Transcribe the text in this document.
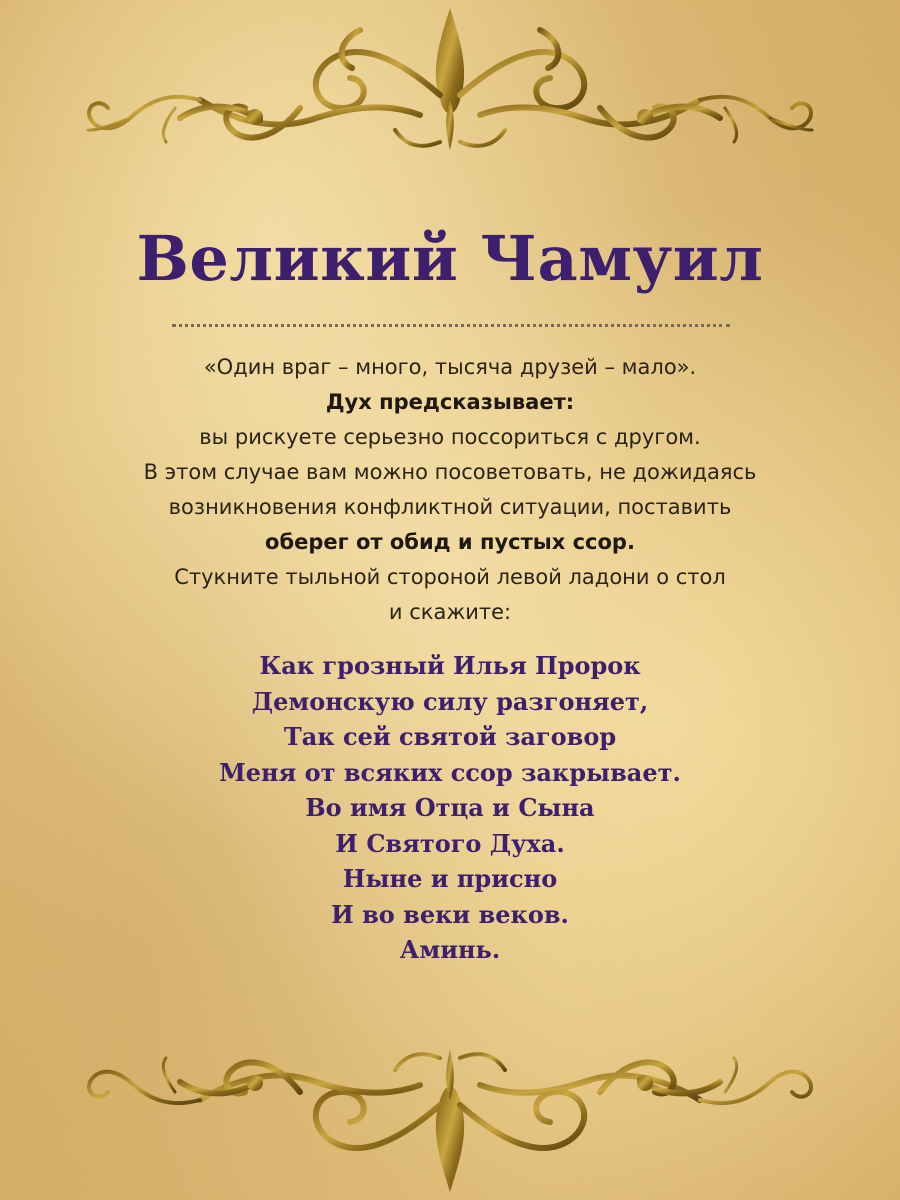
Великий Чамуил
«Один враг – много, тысяча друзей – мало».
Дух предсказывает:
вы рискуете серьезно поссориться с другом.
В этом случае вам можно посоветовать, не дожидаясь
возникновения конфликтной ситуации, поставить
оберег от обид и пустых ссор.
Стукните тыльной стороной левой ладони о стол
и скажите:
Как грозный Илья Пророк
Демонскую силу разгоняет,
Так сей святой заговор
Меня от всяких ссор закрывает.
Во имя Отца и Сына
И Святого Духа.
Ныне и присно
И во веки веков.
Аминь.
